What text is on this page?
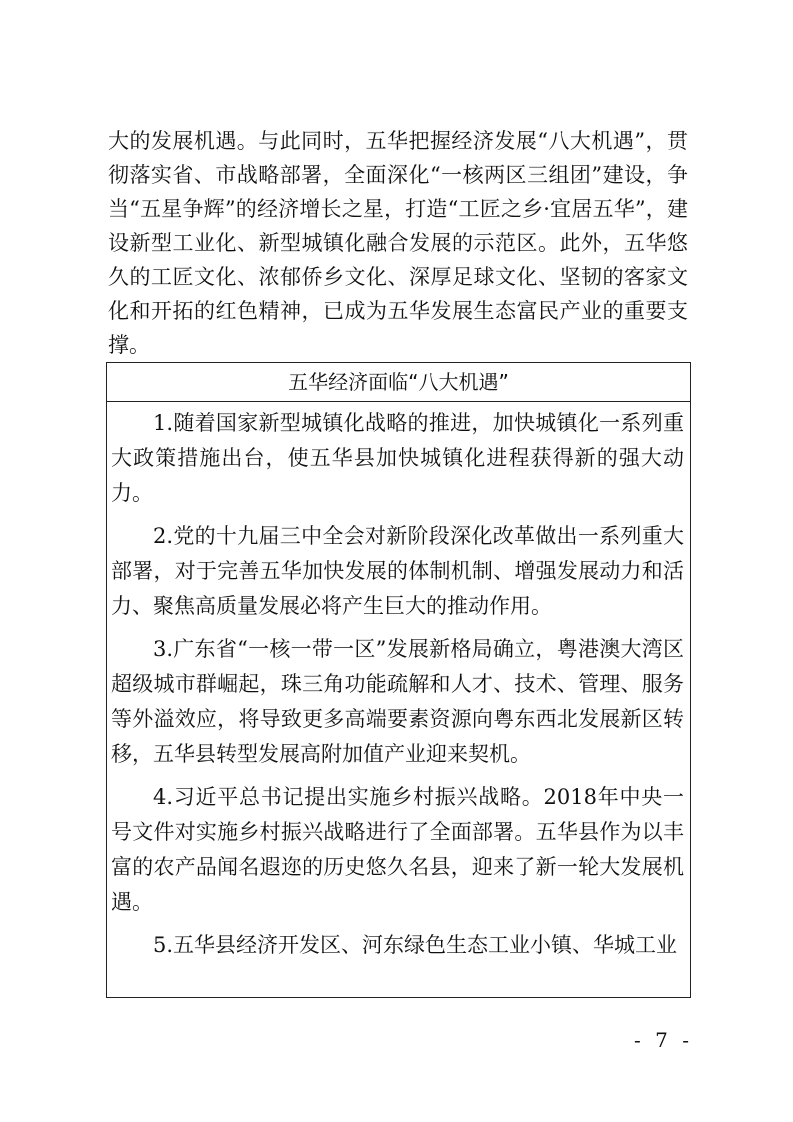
大的发展机遇。与此同时，五华把握经济发展“八大机遇”，贯彻落实省、市战略部署，全面深化“一核两区三组团”建设，争当“五星争辉”的经济增长之星，打造“工匠之乡·宜居五华”，建设新型工业化、新型城镇化融合发展的示范区。此外，五华悠久的工匠文化、浓郁侨乡文化、深厚足球文化、坚韧的客家文化和开拓的红色精神，已成为五华发展生态富民产业的重要支撑。

五华经济面临“八大机遇”

1.随着国家新型城镇化战略的推进，加快城镇化一系列重大政策措施出台，使五华县加快城镇化进程获得新的强大动力。

2.党的十九届三中全会对新阶段深化改革做出一系列重大部署，对于完善五华加快发展的体制机制、增强发展动力和活力、聚焦高质量发展必将产生巨大的推动作用。

3.广东省“一核一带一区”发展新格局确立，粤港澳大湾区超级城市群崛起，珠三角功能疏解和人才、技术、管理、服务等外溢效应，将导致更多高端要素资源向粤东西北发展新区转移，五华县转型发展高附加值产业迎来契机。

4.习近平总书记提出实施乡村振兴战略。2018年中央一号文件对实施乡村振兴战略进行了全面部署。五华县作为以丰富的农产品闻名遐迩的历史悠久名县，迎来了新一轮大发展机遇。

5.五华县经济开发区、河东绿色生态工业小镇、华城工业

- 7 -
